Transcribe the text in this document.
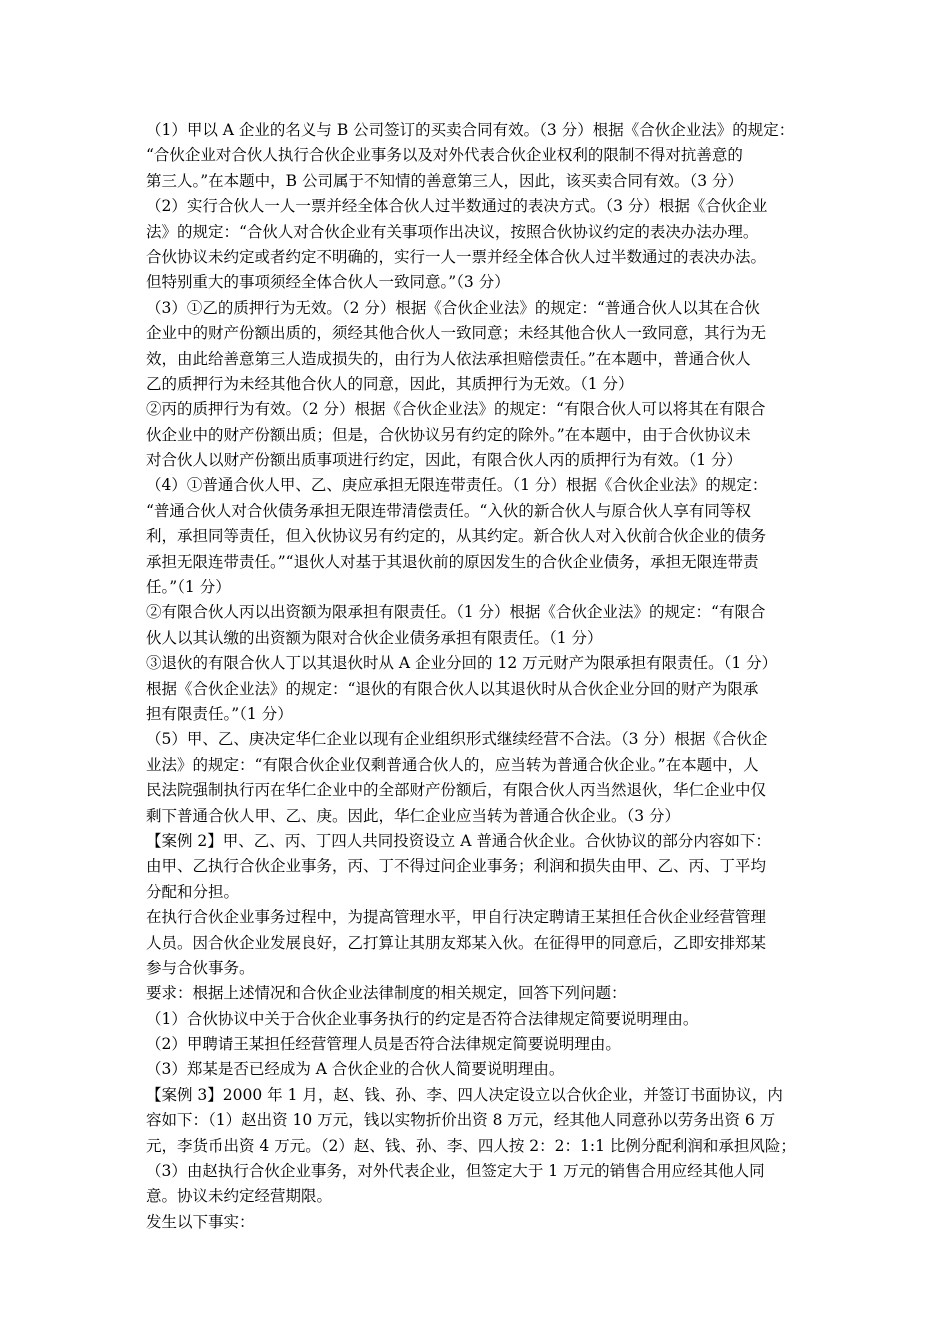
（1）甲以 A 企业的名义与 B 公司签订的买卖合同有效。（3 分）根据《合伙企业法》的规定：
“合伙企业对合伙人执行合伙企业事务以及对外代表合伙企业权利的限制不得对抗善意的
第三人。”在本题中，B 公司属于不知情的善意第三人，因此，该买卖合同有效。（3 分）
（2）实行合伙人一人一票并经全体合伙人过半数通过的表决方式。（3 分）根据《合伙企业
法》的规定：“合伙人对合伙企业有关事项作出决议，按照合伙协议约定的表决办法办理。
合伙协议未约定或者约定不明确的，实行一人一票并经全体合伙人过半数通过的表决办法。
但特别重大的事项须经全体合伙人一致同意。”（3 分）
（3）①乙的质押行为无效。（2 分）根据《合伙企业法》的规定：“普通合伙人以其在合伙
企业中的财产份额出质的，须经其他合伙人一致同意；未经其他合伙人一致同意，其行为无
效，由此给善意第三人造成损失的，由行为人依法承担赔偿责任。”在本题中，普通合伙人
乙的质押行为未经其他合伙人的同意，因此，其质押行为无效。（1 分）
②丙的质押行为有效。（2 分）根据《合伙企业法》的规定：“有限合伙人可以将其在有限合
伙企业中的财产份额出质；但是，合伙协议另有约定的除外。”在本题中，由于合伙协议未
对合伙人以财产份额出质事项进行约定，因此，有限合伙人丙的质押行为有效。（1 分）
（4）①普通合伙人甲、乙、庚应承担无限连带责任。（1 分）根据《合伙企业法》的规定：
“普通合伙人对合伙债务承担无限连带清偿责任。“入伙的新合伙人与原合伙人享有同等权
利，承担同等责任，但入伙协议另有约定的，从其约定。新合伙人对入伙前合伙企业的债务
承担无限连带责任。”“退伙人对基于其退伙前的原因发生的合伙企业债务，承担无限连带责
任。”（1 分）
②有限合伙人丙以出资额为限承担有限责任。（1 分）根据《合伙企业法》的规定：“有限合
伙人以其认缴的出资额为限对合伙企业债务承担有限责任。（1 分）
③退伙的有限合伙人丁以其退伙时从 A 企业分回的 12 万元财产为限承担有限责任。（1 分）
根据《合伙企业法》的规定：“退伙的有限合伙人以其退伙时从合伙企业分回的财产为限承
担有限责任。”（1 分）
（5）甲、乙、庚决定华仁企业以现有企业组织形式继续经营不合法。（3 分）根据《合伙企
业法》的规定：“有限合伙企业仅剩普通合伙人的，应当转为普通合伙企业。”在本题中，人
民法院强制执行丙在华仁企业中的全部财产份额后，有限合伙人丙当然退伙，华仁企业中仅
剩下普通合伙人甲、乙、庚。因此，华仁企业应当转为普通合伙企业。（3 分）
【案例 2】甲、乙、丙、丁四人共同投资设立 A 普通合伙企业。合伙协议的部分内容如下：
由甲、乙执行合伙企业事务，丙、丁不得过问企业事务；利润和损失由甲、乙、丙、丁平均
分配和分担。
在执行合伙企业事务过程中，为提高管理水平，甲自行决定聘请王某担任合伙企业经营管理
人员。因合伙企业发展良好，乙打算让其朋友郑某入伙。在征得甲的同意后，乙即安排郑某
参与合伙事务。
要求：根据上述情况和合伙企业法律制度的相关规定，回答下列问题：
（1）合伙协议中关于合伙企业事务执行的约定是否符合法律规定简要说明理由。
（2）甲聘请王某担任经营管理人员是否符合法律规定简要说明理由。
（3）郑某是否已经成为 A 合伙企业的合伙人简要说明理由。
【案例 3】2000 年 1 月，赵、钱、孙、李、四人决定设立以合伙企业，并签订书面协议，内
容如下：（1）赵出资 10 万元，钱以实物折价出资 8 万元，经其他人同意孙以劳务出资 6 万
元，李货币出资 4 万元。（2）赵、钱、孙、李、四人按 2：2：1:1 比例分配利润和承担风险；
（3）由赵执行合伙企业事务，对外代表企业，但签定大于 1 万元的销售合用应经其他人同
意。协议未约定经营期限。
发生以下事实：
